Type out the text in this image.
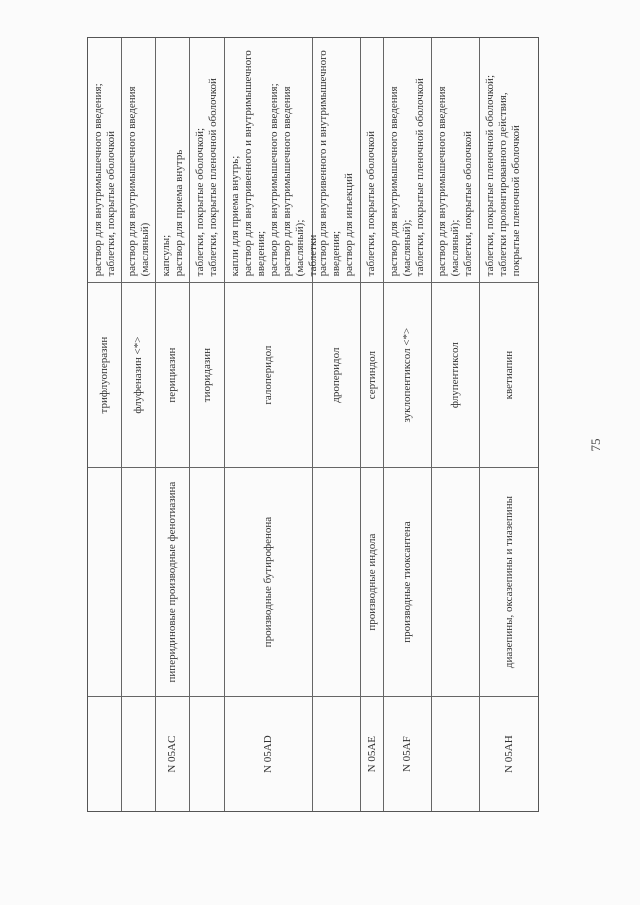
трифлуоперазин
раствор для внутримышечного введения;
таблетки, покрытые оболочкой
флуфеназин <*>
раствор для внутримышечного введения
(масляный)
N 05AC
пиперидиновые производные фенотиазина
перициазин
капсулы;
раствор для приема внутрь
тиоридазин
таблетки, покрытые оболочкой;
таблетки, покрытые пленочной оболочкой
N 05AD
производные бутирофенона
галоперидол
капли для приема внутрь;
раствор для внутривенного и внутримышечного введения;
раствор для внутримышечного введения;
раствор для внутримышечного введения (масляный);
таблетки
дроперидол
раствор для внутривенного и внутримышечного введения;
раствор для инъекций
N 05AE
производные индола
сертиндол
таблетки, покрытые оболочкой
N 05AF
производные тиоксантена
зуклопентиксол <*>
раствор для внутримышечного введения
(масляный);
таблетки, покрытые пленочной оболочкой
флупентиксол
раствор для внутримышечного введения
(масляный);
таблетки, покрытые оболочкой
N 05AH
диазепины, оксазепины и тиазепины
кветиапин
таблетки, покрытые пленочной оболочкой;
таблетки пролонгированного действия, покрытые пленочной оболочкой
75
